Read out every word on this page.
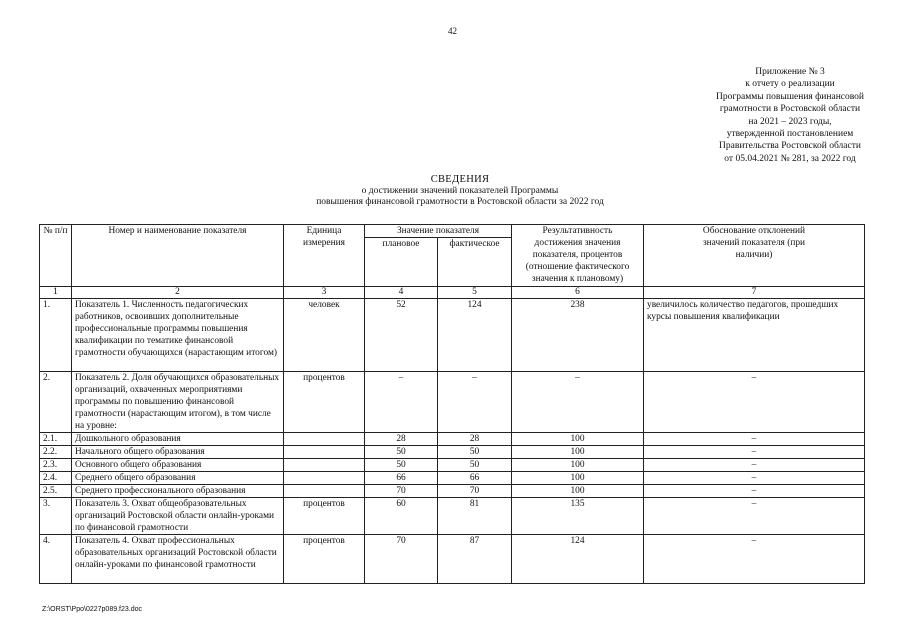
42
Приложение № 3
к отчету о реализации
Программы повышения финансовой
грамотности в Ростовской области
на 2021 – 2023 годы,
утвержденной постановлением
Правительства Ростовской области
от 05.04.2021 № 281, за 2022 год
СВЕДЕНИЯ
о достижении значений показателей Программы
повышения финансовой грамотности в Ростовской области за 2022 год
№ п/п	Номер и наименование показателя	Единица измерения	Значение показателя		Результативность достижения значения показателя, процентов (отношение фактического значения к плановому)	Обоснование отклонений значений показателя (при наличии)
			плановое	фактическое		
1	2	3	4	5	6	7
1.	Показатель 1. Численность педагогических работников, освоивших дополнительные профессиональные программы повышения квалификации по тематике финансовой грамотности обучающихся (нарастающим итогом)	человек	52	124	238	увеличилось количество педагогов, прошедших курсы повышения квалификации
2.	Показатель 2. Доля обучающихся образовательных организаций, охваченных мероприятиями программы по повышению финансовой грамотности (нарастающим итогом), в том числе на уровне:	процентов	–	–	–	–
2.1.	Дошкольного образования		28	28	100	–
2.2.	Начального общего образования		50	50	100	–
2.3.	Основного общего образования		50	50	100	–
2.4.	Среднего общего образования		66	66	100	–
2.5.	Среднего профессионального образования		70	70	100	–
3.	Показатель 3. Охват общеобразовательных организаций Ростовской области онлайн-уроками по финансовой грамотности	процентов	60	81	135	–
4.	Показатель 4. Охват профессиональных образовательных организаций Ростовской области онлайн-уроками по финансовой грамотности	процентов	70	87	124	–
Z:\ORST\Ppo\0227p089.f23.doc
